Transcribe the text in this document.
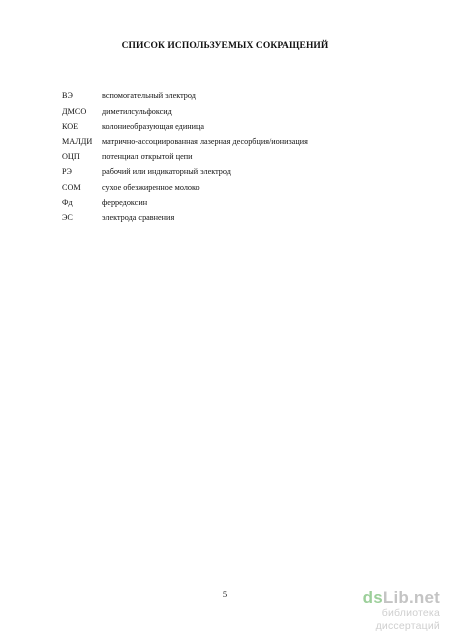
СПИСОК ИСПОЛЬЗУЕМЫХ СОКРАЩЕНИЙ
ВЭ	вспомогательный электрод
ДМСО	диметилсульфоксид
КОЕ	колониеобразующая единица
МАЛДИ	матрично-ассоциированная лазерная десорбция/ионизация
ОЦП	потенциал открытой цепи
РЭ	рабочий или индикаторный электрод
СОМ	сухое обезжиренное молоко
Фд	ферредоксин
ЭС	электрода сравнения
5	dsLib.net
библиотека диссертаций
